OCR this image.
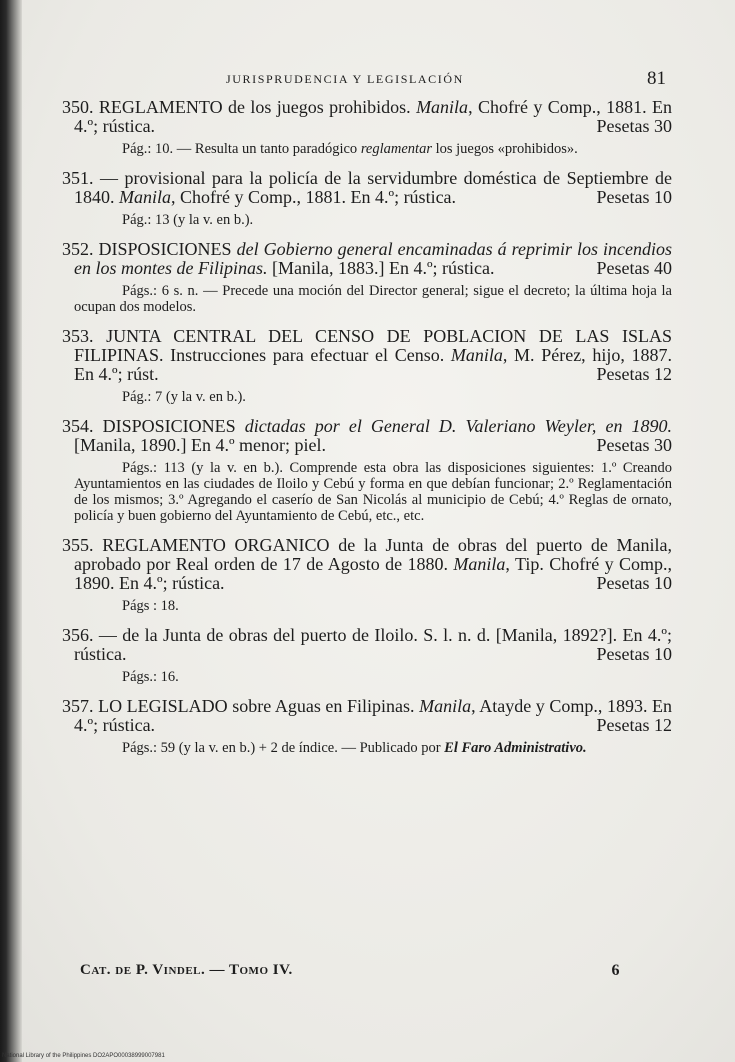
JURISPRUDENCIA Y LEGISLACIÓN	81
350. REGLAMENTO de los juegos prohibidos. Manila, Chofré y Comp., 1881. En 4.º; rústica.	Pesetas 30
Pág.: 10. — Resulta un tanto paradógico reglamentar los juegos «prohibidos».
351. — provisional para la policía de la servidumbre doméstica de Septiembre de 1840. Manila, Chofré y Comp., 1881. En 4.º; rústica.	Pesetas 10
Pág.: 13 (y la v. en b.).
352. DISPOSICIONES del Gobierno general encaminadas á reprimir los incendios en los montes de Filipinas. [Manila, 1883.] En 4.º; rústica.	Pesetas 40
Págs.: 6 s. n. — Precede una moción del Director general; sigue el decreto; la última hoja la ocupan dos modelos.
353. JUNTA CENTRAL DEL CENSO DE POBLACION DE LAS ISLAS FILIPINAS. Instrucciones para efectuar el Censo. Manila, M. Pérez, hijo, 1887. En 4.º; rúst.	Pesetas 12
Pág.: 7 (y la v. en b.).
354. DISPOSICIONES dictadas por el General D. Valeriano Weyler, en 1890. [Manila, 1890.] En 4.º menor; piel.	Pesetas 30
Págs.: 113 (y la v. en b.). Comprende esta obra las disposiciones siguientes: 1.º Creando Ayuntamientos en las ciudades de Iloilo y Cebú y forma en que debían funcionar; 2.º Reglamentación de los mismos; 3.º Agregando el caserío de San Nicolás al municipio de Cebú; 4.º Reglas de ornato, policía y buen gobierno del Ayuntamiento de Cebú, etc., etc.
355. REGLAMENTO ORGANICO de la Junta de obras del puerto de Manila, aprobado por Real orden de 17 de Agosto de 1880. Manila, Tip. Chofré y Comp., 1890. En 4.º; rústica.	Pesetas 10
Págs : 18.
356. — de la Junta de obras del puerto de Iloilo. S. l. n. d. [Manila, 1892?]. En 4.º; rústica.	Pesetas 10
Págs.: 16.
357. LO LEGISLADO sobre Aguas en Filipinas. Manila, Atayde y Comp., 1893. En 4.º; rústica.	Pesetas 12
Págs.: 59 (y la v. en b.) + 2 de índice. — Publicado por El Faro Administrativo.
Cat. de P. Vindel. — Tomo IV.	6
National Library of the Philippines DO2APO00038999007981
